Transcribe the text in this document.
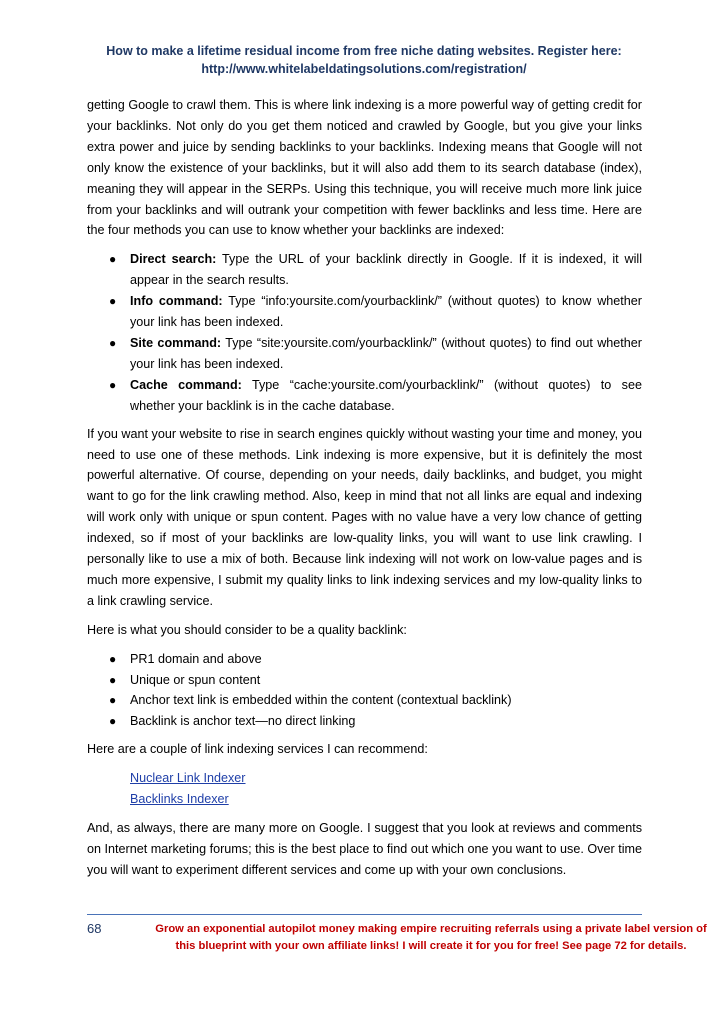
How to make a lifetime residual income from free niche dating websites. Register here:
http://www.whitelabeldatingsolutions.com/registration/

getting Google to crawl them. This is where link indexing is a more powerful way of getting credit for your backlinks. Not only do you get them noticed and crawled by Google, but you give your links extra power and juice by sending backlinks to your backlinks. Indexing means that Google will not only know the existence of your backlinks, but it will also add them to its search database (index), meaning they will appear in the SERPs. Using this technique, you will receive much more link juice from your backlinks and will outrank your competition with fewer backlinks and less time. Here are the four methods you can use to know whether your backlinks are indexed:

● Direct search: Type the URL of your backlink directly in Google. If it is indexed, it will appear in the search results.
● Info command: Type “info:yoursite.com/yourbacklink/” (without quotes) to know whether your link has been indexed.
● Site command: Type “site:yoursite.com/yourbacklink/” (without quotes) to find out whether your link has been indexed.
● Cache command: Type “cache:yoursite.com/yourbacklink/” (without quotes) to see whether your backlink is in the cache database.

If you want your website to rise in search engines quickly without wasting your time and money, you need to use one of these methods. Link indexing is more expensive, but it is definitely the most powerful alternative. Of course, depending on your needs, daily backlinks, and budget, you might want to go for the link crawling method. Also, keep in mind that not all links are equal and indexing will work only with unique or spun content. Pages with no value have a very low chance of getting indexed, so if most of your backlinks are low-quality links, you will want to use link crawling. I personally like to use a mix of both. Because link indexing will not work on low-value pages and is much more expensive, I submit my quality links to link indexing services and my low-quality links to a link crawling service.

Here is what you should consider to be a quality backlink:

● PR1 domain and above
● Unique or spun content
● Anchor text link is embedded within the content (contextual backlink)
● Backlink is anchor text—no direct linking

Here are a couple of link indexing services I can recommend:

Nuclear Link Indexer
Backlinks Indexer

And, as always, there are many more on Google. I suggest that you look at reviews and comments on Internet marketing forums; this is the best place to find out which one you want to use. Over time you will want to experiment different services and come up with your own conclusions.

68	Grow an exponential autopilot money making empire recruiting referrals using a private label version of this blueprint with your own affiliate links! I will create it for you for free! See page 72 for details.
